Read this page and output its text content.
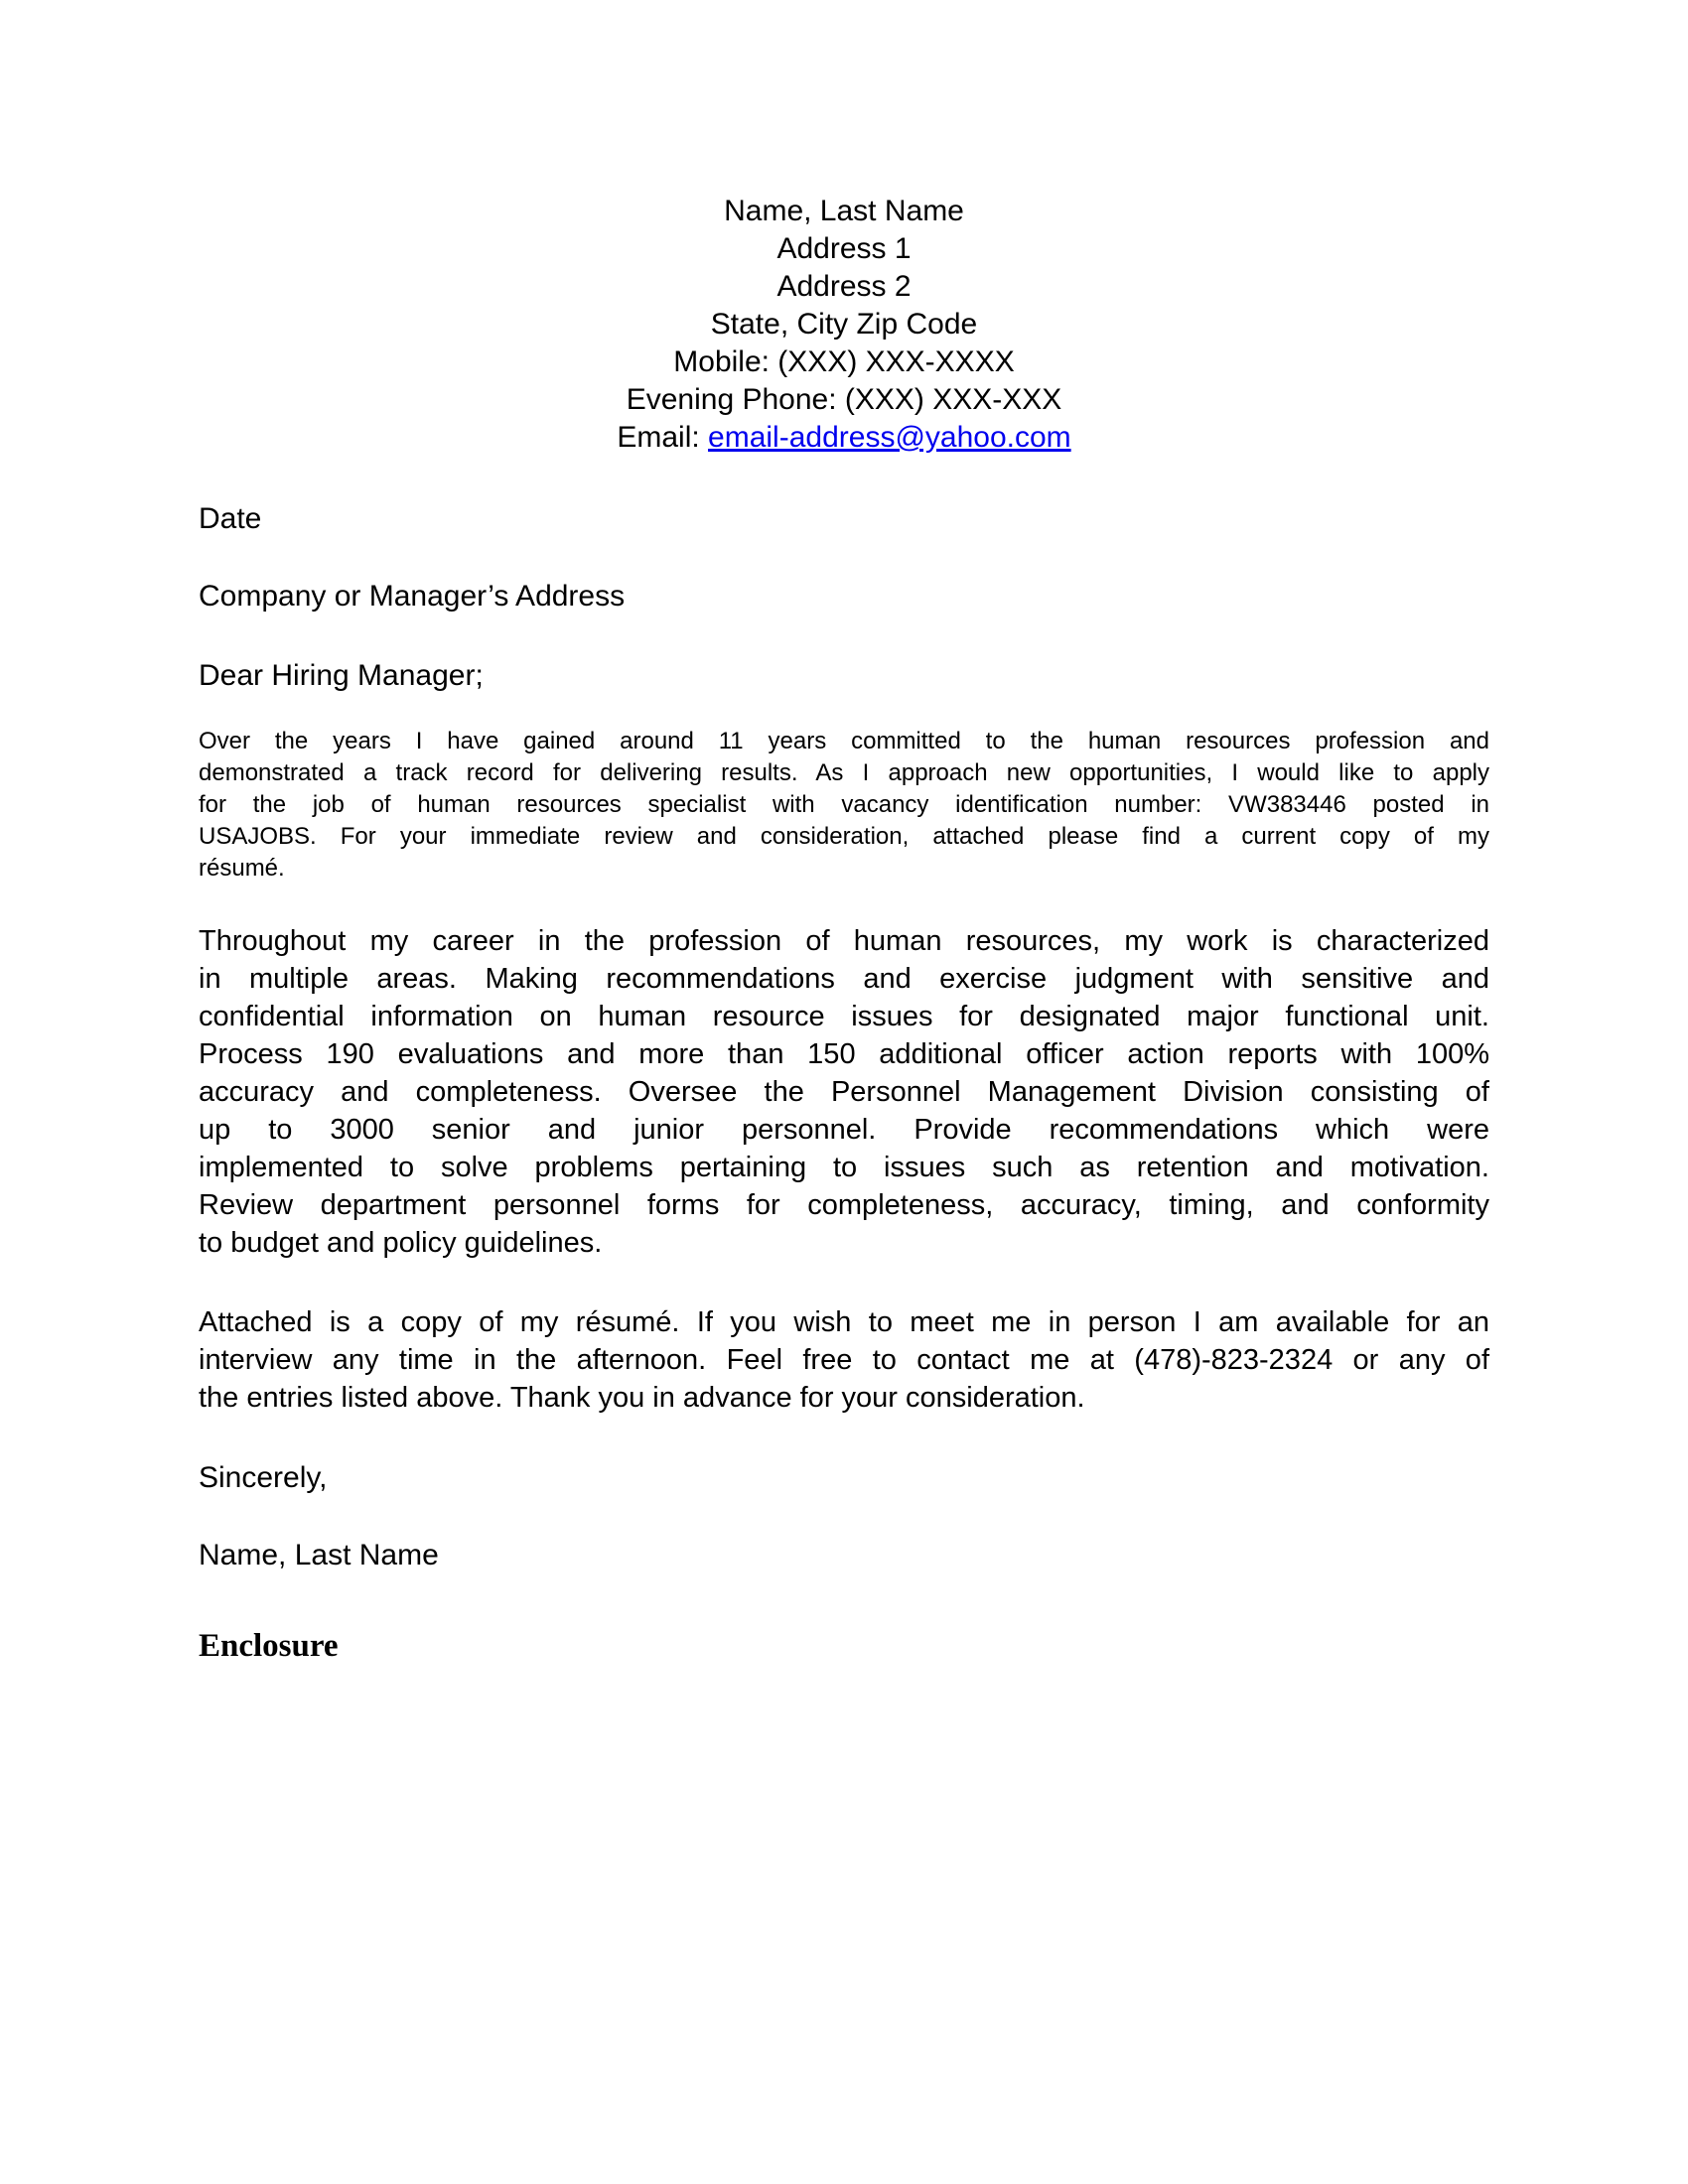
Name, Last Name
Address 1
Address 2
State, City Zip Code
Mobile: (XXX) XXX-XXXX
Evening Phone: (XXX) XXX-XXX
Email: email-address@yahoo.com
Date
Company or Manager’s Address
Dear Hiring Manager;
Over the years I have gained around 11 years committed to the human resources profession and
demonstrated a track record for delivering results. As I approach new opportunities, I would like to apply
for the job of human resources specialist with vacancy identification number: VW383446 posted in
USAJOBS. For your immediate review and consideration, attached please find a current copy of my
résumé.
Throughout my career in the profession of human resources, my work is characterized
in multiple areas. Making recommendations and exercise judgment with sensitive and
confidential information on human resource issues for designated major functional unit.
Process 190 evaluations and more than 150 additional officer action reports with 100%
accuracy and completeness. Oversee the Personnel Management Division consisting of
up to 3000 senior and junior personnel. Provide recommendations which were
implemented to solve problems pertaining to issues such as retention and motivation.
Review department personnel forms for completeness, accuracy, timing, and conformity
to budget and policy guidelines.
Attached is a copy of my résumé. If you wish to meet me in person I am available for an
interview any time in the afternoon. Feel free to contact me at (478)-823-2324 or any of
the entries listed above. Thank you in advance for your consideration.
Sincerely,
Name, Last Name
Enclosure
